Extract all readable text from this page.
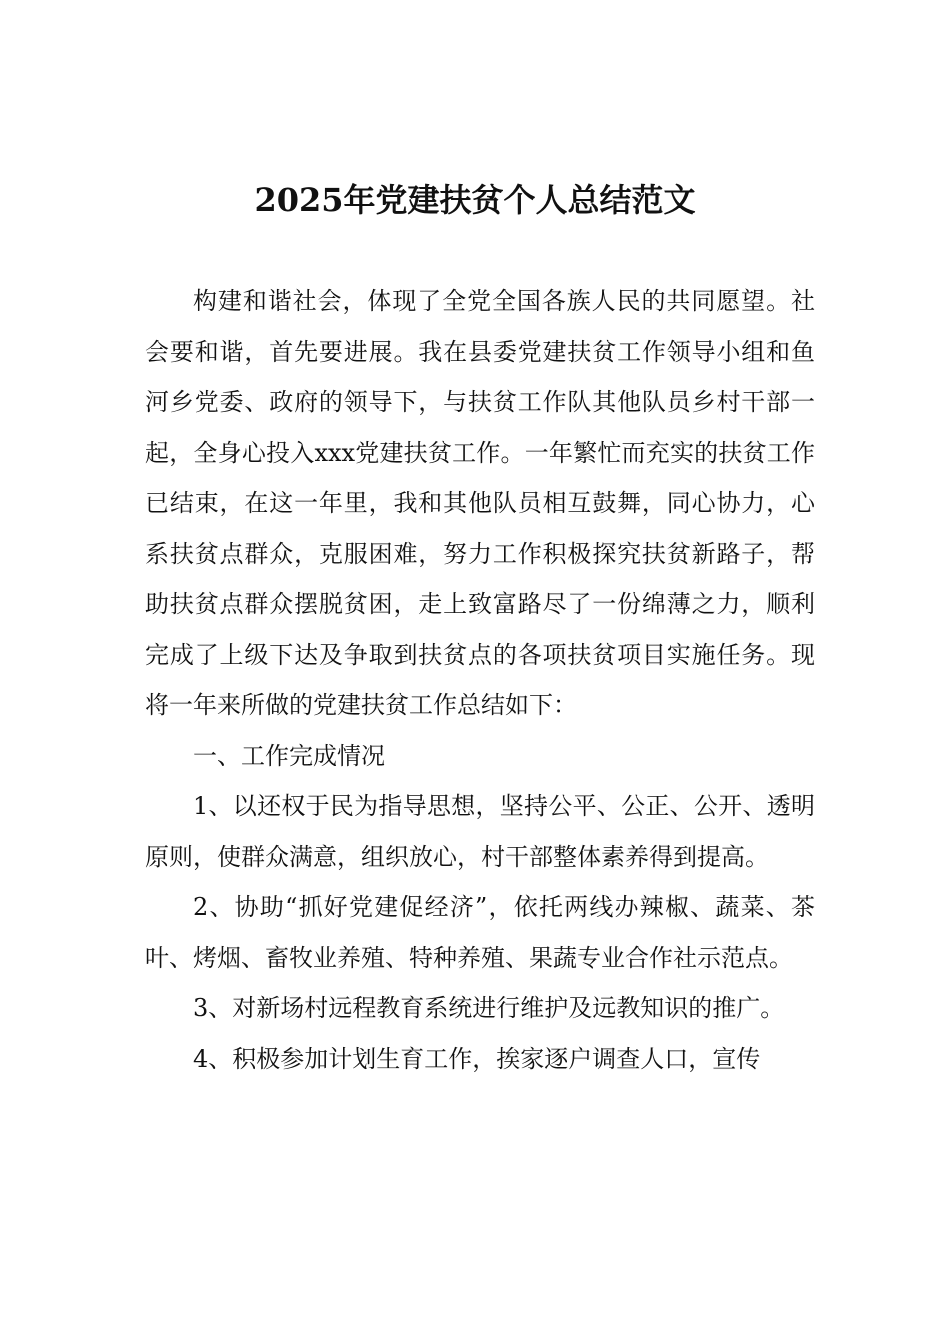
2025年党建扶贫个人总结范文

构建和谐社会，体现了全党全国各族人民的共同愿望。社会要和谐，首先要进展。我在县委党建扶贫工作领导小组和鱼河乡党委、政府的领导下，与扶贫工作队其他队员乡村干部一起，全身心投入xxx党建扶贫工作。一年繁忙而充实的扶贫工作已结束，在这一年里，我和其他队员相互鼓舞，同心协力，心系扶贫点群众，克服困难，努力工作积极探究扶贫新路子，帮助扶贫点群众摆脱贫困，走上致富路尽了一份绵薄之力，顺利完成了上级下达及争取到扶贫点的各项扶贫项目实施任务。现将一年来所做的党建扶贫工作总结如下：

一、工作完成情况

1、以还权于民为指导思想，坚持公平、公正、公开、透明原则，使群众满意，组织放心，村干部整体素养得到提高。

2、协助“抓好党建促经济”，依托两线办辣椒、蔬菜、茶叶、烤烟、畜牧业养殖、特种养殖、果蔬专业合作社示范点。

3、对新场村远程教育系统进行维护及远教知识的推广。

4、积极参加计划生育工作，挨家逐户调查人口，宣传
